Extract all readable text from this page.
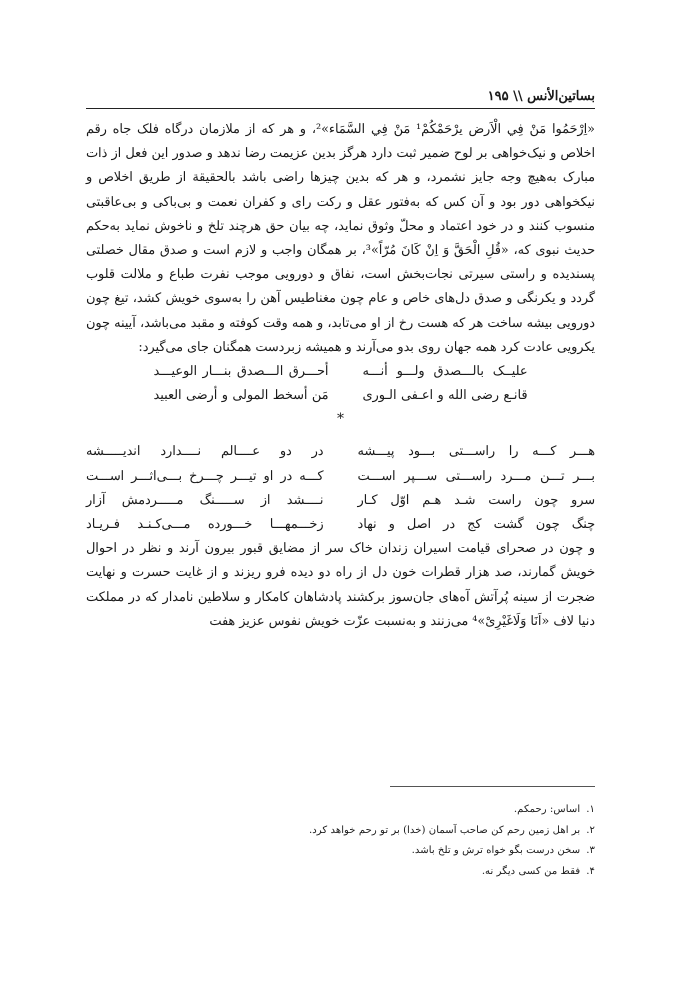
بساتین‌الأنس \\ ۱۹۵

«اِرْحَمُوا مَنْ فِي الْاَرض يرْحَمْكُمْ¹ مَنْ فِي السَّمَاء»²، و هر که از ملازمان درگاه فلک جاه رقم اخلاص و نیک‌خواهی بر لوح ضمیر ثبت دارد هرگز بدین عزیمت رضا ندهد و صدور این فعل از ذات مبارک به‌هیچ وجه جایز نشمرد، و هر که بدین چیزها راضی باشد بالحقیقة از طریق اخلاص و نیکخواهی دور بود و آن کس که به‌فتور عقل و رکت رای و کفران نعمت و بی‌باکی و بی‌عاقبتی منسوب کنند و در خود اعتماد و محلّ وثوق نماید، چه بیان حق هرچند تلخ و ناخوش نماید به‌حکم حدیث نبوی که، «قُلِ الْحَقَّ وَ اِنْ كَانَ مُرّاً»³، بر همگان واجب و لازم است و صدق مقال خصلتی پسندیده و راستی سیرتی نجات‌بخش است، نفاق و دورویی موجب نفرت طباع و ملالت قلوب گردد و یکرنگی و صدق دل‌های خاص و عام چون مغناطیس آهن را به‌سوی خویش کشد، تیغ چون دورویی بیشه ساخت هر که هست رخ از او می‌تابد، و همه وقت کوفته و مقبد می‌باشد، آیینه چون یکرویی عادت کرد همه جهان روی بدو می‌آرند و همیشه زبردست همگنان جای می‌گیرد:

علیــک بالـــصدق ولـــو أنـــه
أحـــرق الـــصدق بنـــار الوعیـــد
قانـع رضی الله و اعـفی الـوری
مَن أسخط المولی و أرضی العبید
*
هـــر کـــه را راســـتی بـــود پیـــشه
در دو عــــالم نــــدارد اندیـــــشه
بـــر تـــن مـــرد راســـتی ســـپر اســـت
کـــه در او تیـــر چـــرخ بـــی‌اثـــر اســـت
سرو چون راست شـد هـم اوّل کـار
نــــشد از ســـــنگ مـــــردمش آزار
چنگ چون گشت کج در اصل و نهاد
زخـــمهـــا خـــورده مـــی‌کـنـد فـریـاد

و چون در صحرای قیامت اسیران زندان خاک سر از مضایق قبور بیرون آرند و نظر در احوال خویش گمارند، صد هزار قطرات خون دل از راه دو دیده فرو ریزند و از غایت حسرت و نهایت ضجرت از سینه پُرآتش آه‌های جان‌سوز برکشند پادشاهان کامکار و سلاطین نامدار که در مملکت دنیا لاف «اَنَا وَلَاغَیْرِیْ»⁴ می‌زنند و به‌نسبت عزّت خویش نفوس عزیز هفت

۱.اساس: رحمکم.
۲.بر اهل زمین رحم کن صاحب آسمان (خدا) بر تو رحم خواهد کرد.
۳.سخن درست بگو خواه ترش و تلخ باشد.
۴.فقط من کسی دیگر نه.
